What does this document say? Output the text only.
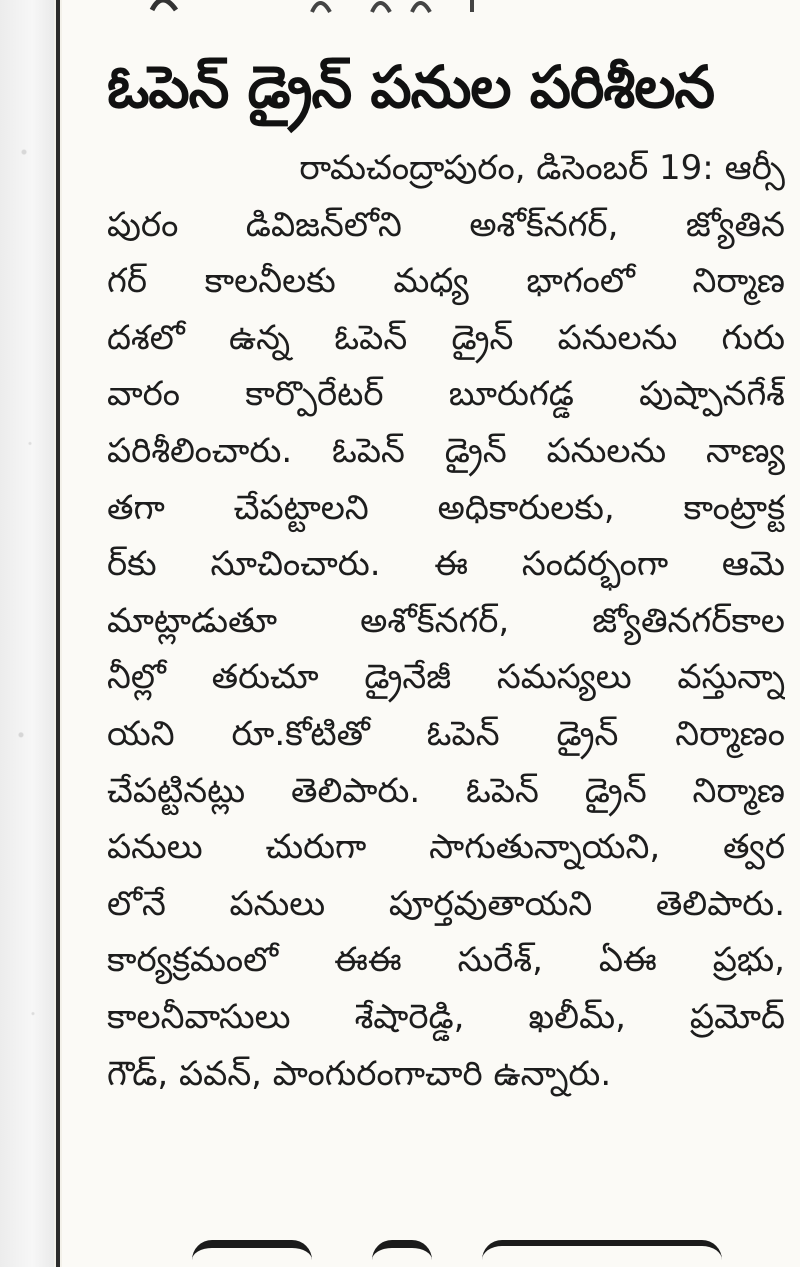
ఓపెన్ డ్రైన్ పనుల పరిశీలన
రామచంద్రాపురం, డిసెంబర్ 19: ఆర్సీ
పురం డివిజన్‌లోని అశోక్‌నగర్, జ్యోతిన
గర్ కాలనీలకు మధ్య భాగంలో నిర్మాణ
దశలో ఉన్న ఓపెన్ డ్రైన్ పనులను గురు
వారం కార్పొరేటర్ బూరుగడ్డ పుష్పానగేశ్
పరిశీలించారు. ఓపెన్ డ్రైన్ పనులను నాణ్య
తగా చేపట్టాలని అధికారులకు, కాంట్రాక్ట
ర్‌కు సూచించారు. ఈ సందర్భంగా ఆమె
మాట్లాడుతూ అశోక్‌నగర్, జ్యోతినగర్‌కాల
నీల్లో తరుచూ డ్రైనేజీ సమస్యలు వస్తున్నా
యని రూ.కోటితో ఓపెన్ డ్రైన్ నిర్మాణం
చేపట్టినట్లు తెలిపారు. ఓపెన్ డ్రైన్ నిర్మాణ
పనులు చురుగా సాగుతున్నాయని, త్వర
లోనే పనులు పూర్తవుతాయని తెలిపారు.
కార్యక్రమంలో ఈఈ సురేశ్, ఏఈ ప్రభు,
కాలనీవాసులు శేషారెడ్డి, ఖలీమ్, ప్రమోద్
గౌడ్, పవన్, పాంగురంగాచారి ఉన్నారు.
